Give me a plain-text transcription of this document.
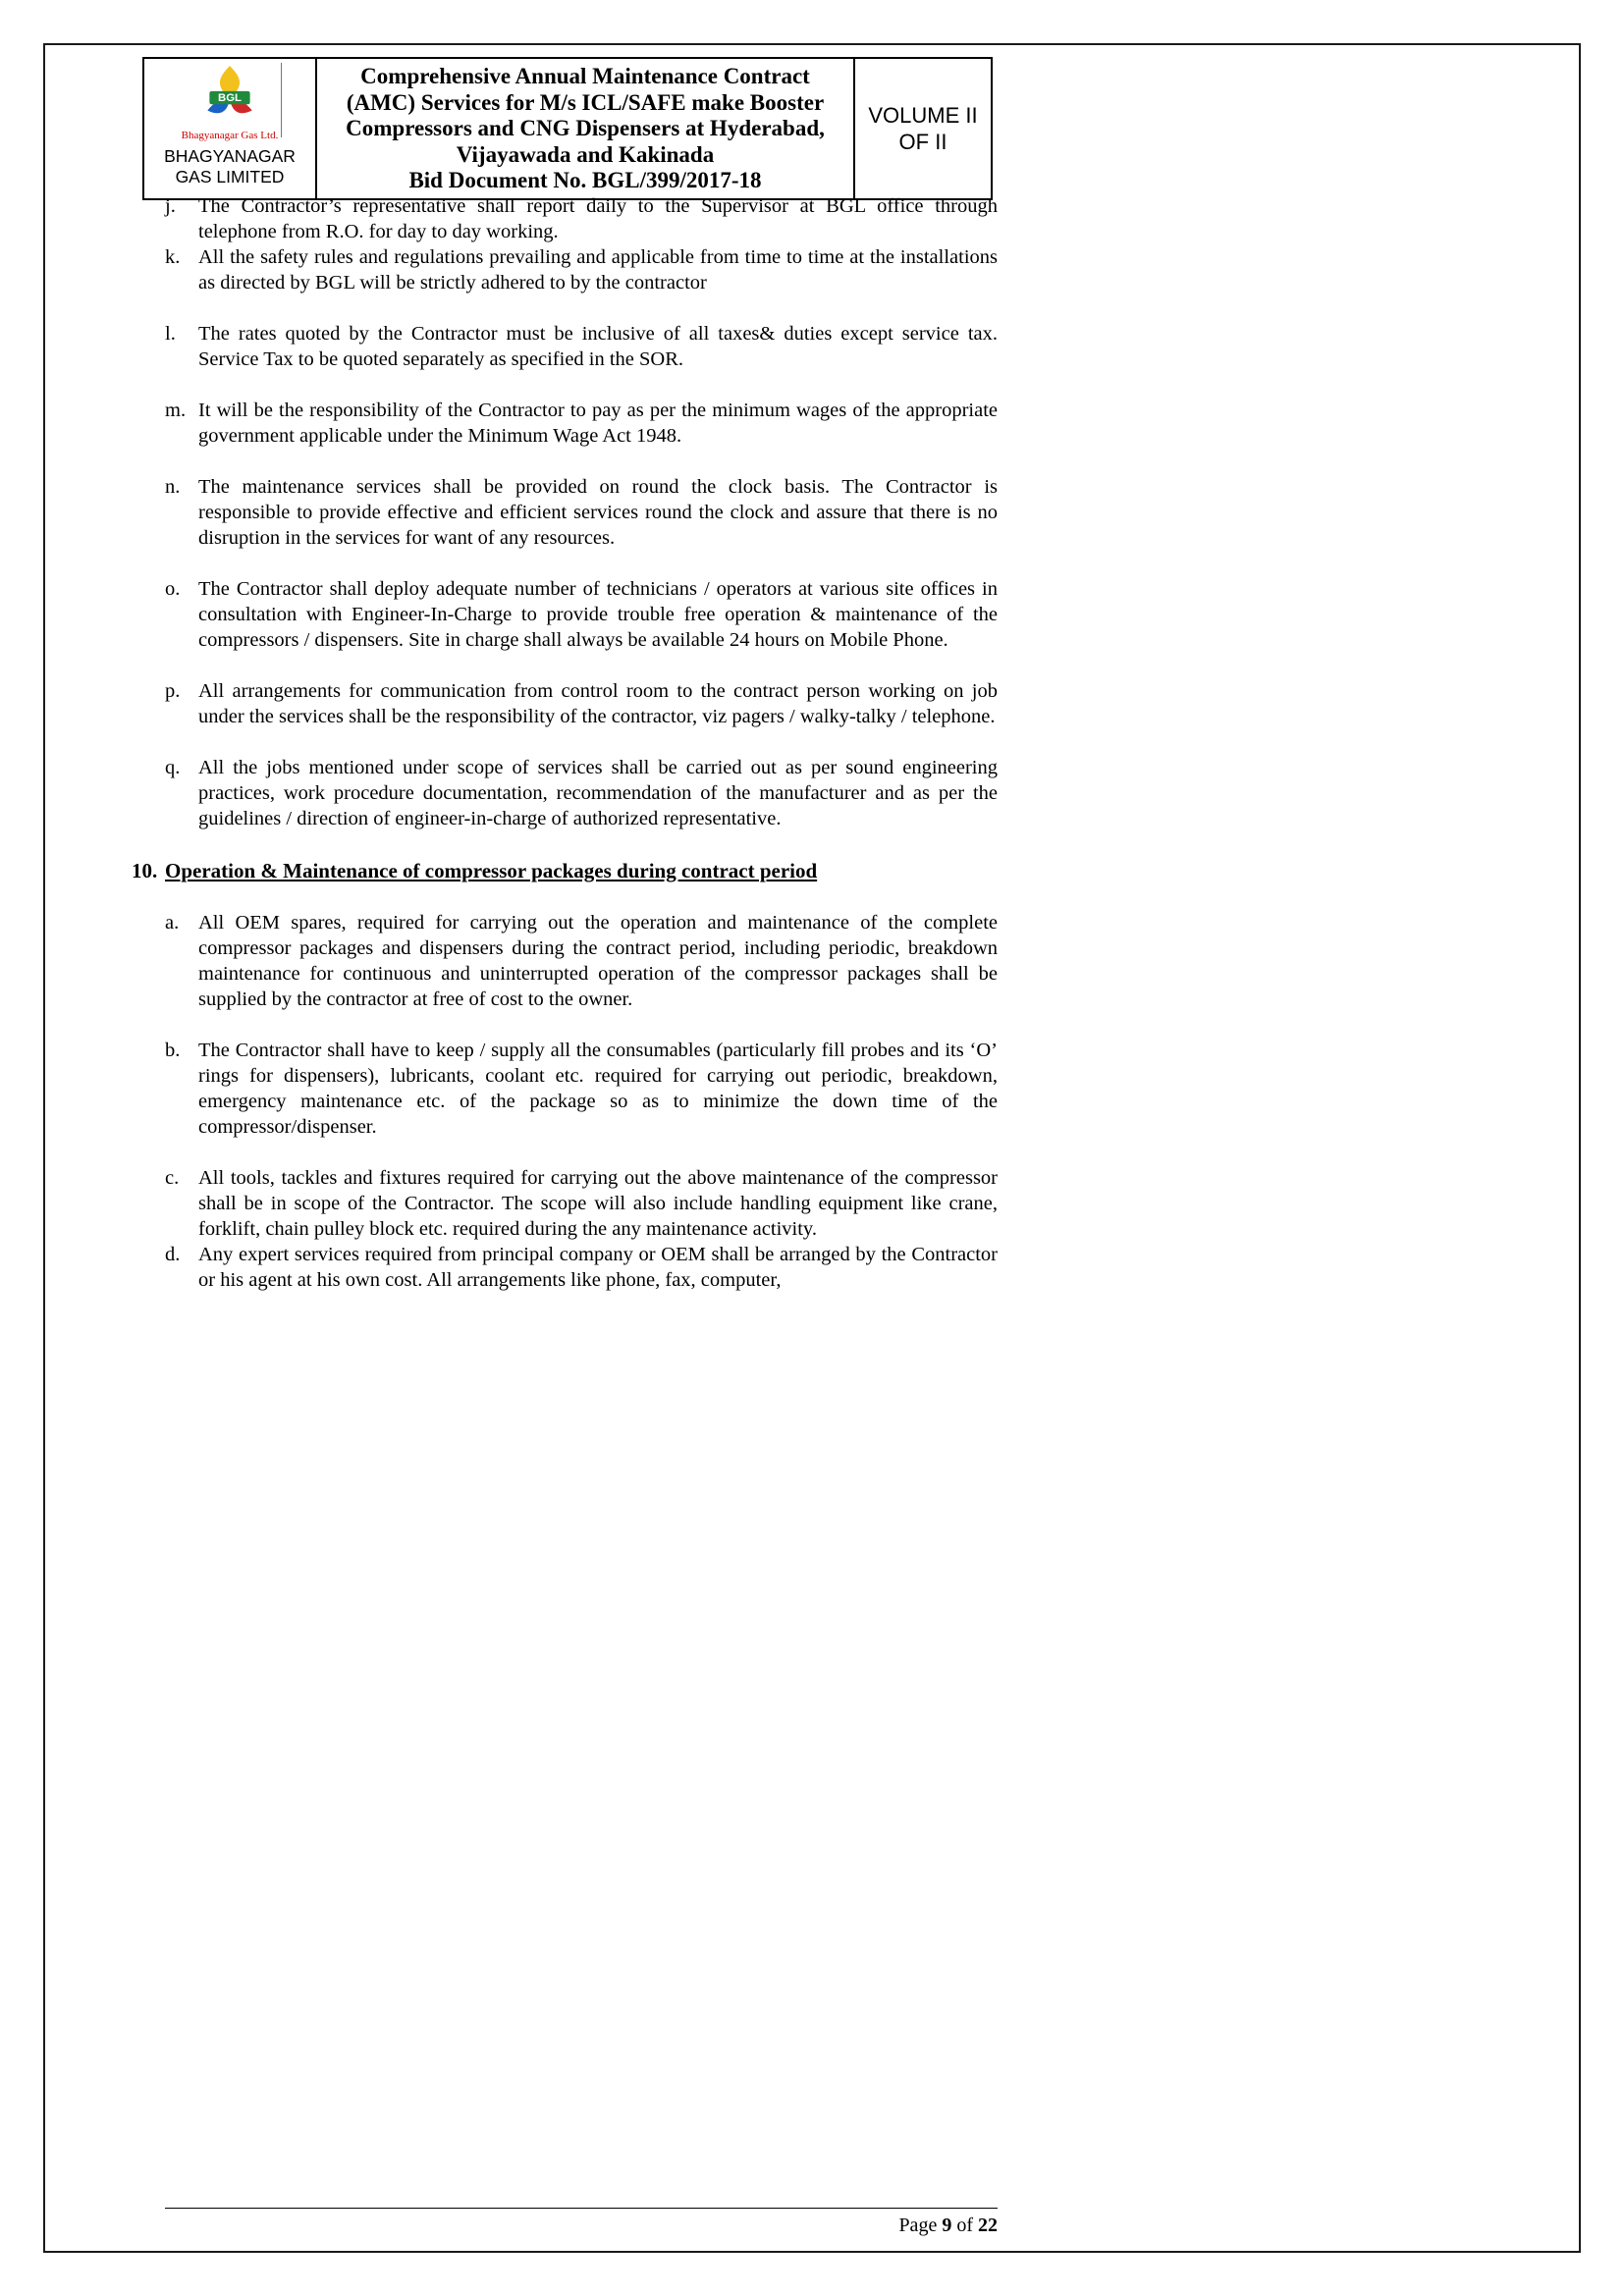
BGL
Bhagyanagar Gas Ltd.
BHAGYANAGAR GAS LIMITED
Comprehensive Annual Maintenance Contract
(AMC) Services for M/s ICL/SAFE make Booster
Compressors and CNG Dispensers at Hyderabad,
Vijayawada and Kakinada
Bid Document No. BGL/399/2017-18
VOLUME II
OF II
j.	The Contractor’s representative shall report daily to the Supervisor at BGL office through telephone from R.O. for day to day working.
k. All the safety rules and regulations prevailing and applicable from time to time at the installations as directed by BGL will be strictly adhered to by the contractor
l.	The rates quoted by the Contractor must be inclusive of all taxes& duties except service tax. Service Tax to be quoted separately as specified in the SOR.
m. It will be the responsibility of the Contractor to pay as per the minimum wages of the appropriate government applicable under the Minimum Wage Act 1948.
n. The maintenance services shall be provided on round the clock basis. The Contractor is responsible to provide effective and efficient services round the clock and assure that there is no disruption in the services for want of any resources.
o. The Contractor shall deploy adequate number of technicians / operators at various site offices in consultation with Engineer-In-Charge to provide trouble free operation & maintenance of the compressors / dispensers. Site in charge shall always be available 24 hours on Mobile Phone.
p. All arrangements for communication from control room to the contract person working on job under the services shall be the responsibility of the contractor, viz pagers / walky-talky / telephone.
q. All the jobs mentioned under scope of services shall be carried out as per sound engineering practices, work procedure documentation, recommendation of the manufacturer and as per the guidelines / direction of engineer-in-charge of authorized representative.
10. Operation & Maintenance of compressor packages during contract period
a. All OEM spares, required for carrying out the operation and maintenance of the complete compressor packages and dispensers during the contract period, including periodic, breakdown maintenance for continuous and uninterrupted operation of the compressor packages shall be supplied by the contractor at free of cost to the owner.
b. The Contractor shall have to keep / supply all the consumables (particularly fill probes and its ‘O’ rings for dispensers), lubricants, coolant etc. required for carrying out periodic, breakdown, emergency maintenance etc. of the package so as to minimize the down time of the compressor/dispenser.
c. All tools, tackles and fixtures required for carrying out the above maintenance of the compressor shall be in scope of the Contractor. The scope will also include handling equipment like crane, forklift, chain pulley block etc. required during the any maintenance activity.
d. Any expert services required from principal company or OEM shall be arranged by the Contractor or his agent at his own cost. All arrangements like phone, fax, computer,
Page 9 of 22
